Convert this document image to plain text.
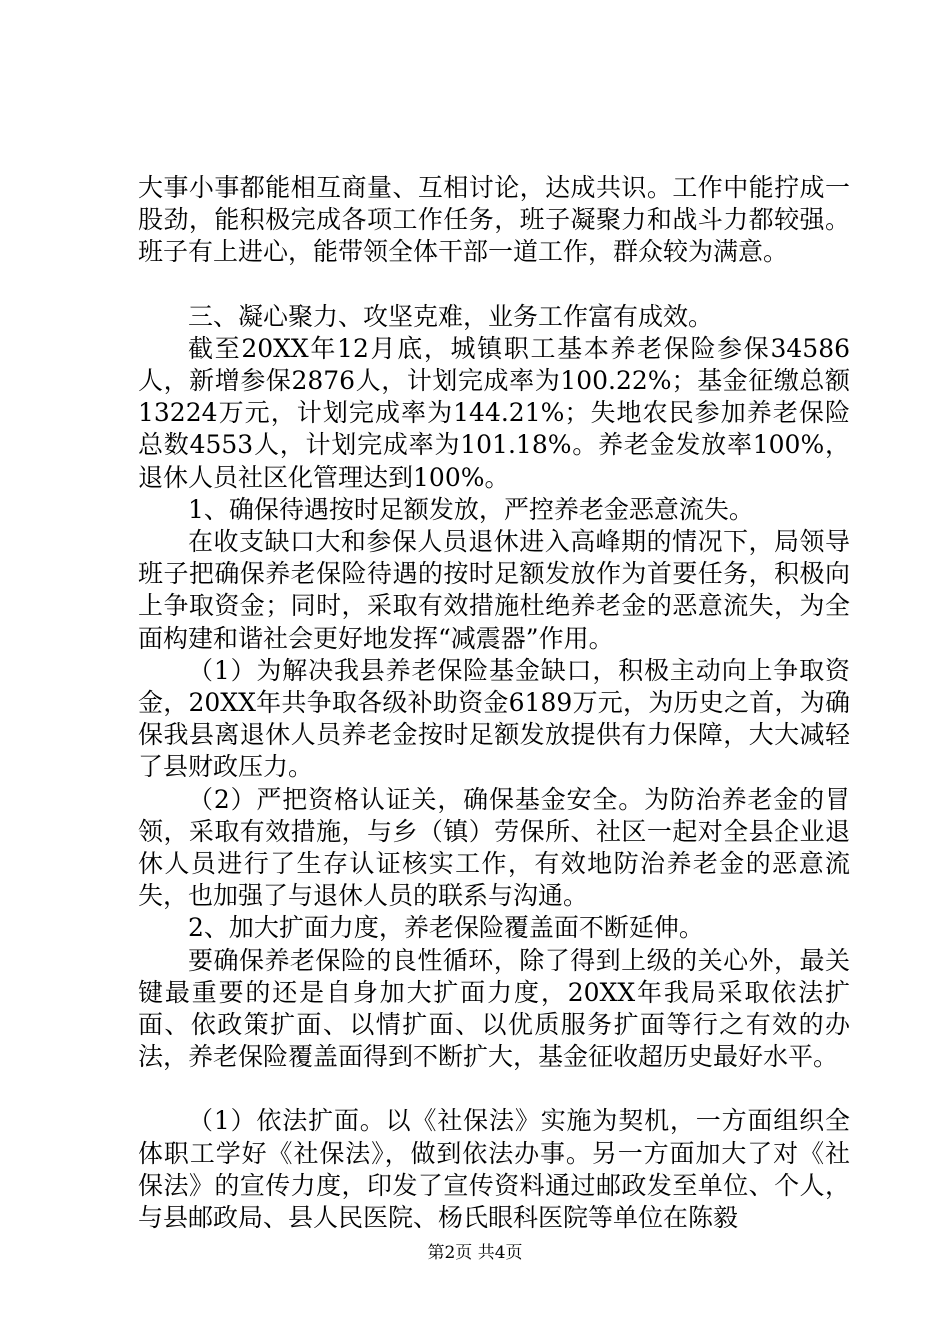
大事小事都能相互商量、互相讨论，达成共识。工作中能拧成一股劲，能积极完成各项工作任务，班子凝聚力和战斗力都较强。班子有上进心，能带领全体干部一道工作，群众较为满意。

三、凝心聚力、攻坚克难，业务工作富有成效。

截至20XX年12月底，城镇职工基本养老保险参保34586人，新增参保2876人，计划完成率为100.22%；基金征缴总额13224万元，计划完成率为144.21%；失地农民参加养老保险总数4553人，计划完成率为101.18%。养老金发放率100%，退休人员社区化管理达到100%。

1、确保待遇按时足额发放，严控养老金恶意流失。

在收支缺口大和参保人员退休进入高峰期的情况下，局领导班子把确保养老保险待遇的按时足额发放作为首要任务，积极向上争取资金；同时，采取有效措施杜绝养老金的恶意流失，为全面构建和谐社会更好地发挥“减震器”作用。

（1）为解决我县养老保险基金缺口，积极主动向上争取资金，20XX年共争取各级补助资金6189万元，为历史之首，为确保我县离退休人员养老金按时足额发放提供有力保障，大大减轻了县财政压力。

（2）严把资格认证关，确保基金安全。为防治养老金的冒领，采取有效措施，与乡（镇）劳保所、社区一起对全县企业退休人员进行了生存认证核实工作，有效地防治养老金的恶意流失，也加强了与退休人员的联系与沟通。

2、加大扩面力度，养老保险覆盖面不断延伸。

要确保养老保险的良性循环，除了得到上级的关心外，最关键最重要的还是自身加大扩面力度，20XX年我局采取依法扩面、依政策扩面、以情扩面、以优质服务扩面等行之有效的办法，养老保险覆盖面得到不断扩大，基金征收超历史最好水平。

（1）依法扩面。以《社保法》实施为契机，一方面组织全体职工学好《社保法》，做到依法办事。另一方面加大了对《社保法》的宣传力度，印发了宣传资料通过邮政发至单位、个人，与县邮政局、县人民医院、杨氏眼科医院等单位在陈毅

第2页 共4页
